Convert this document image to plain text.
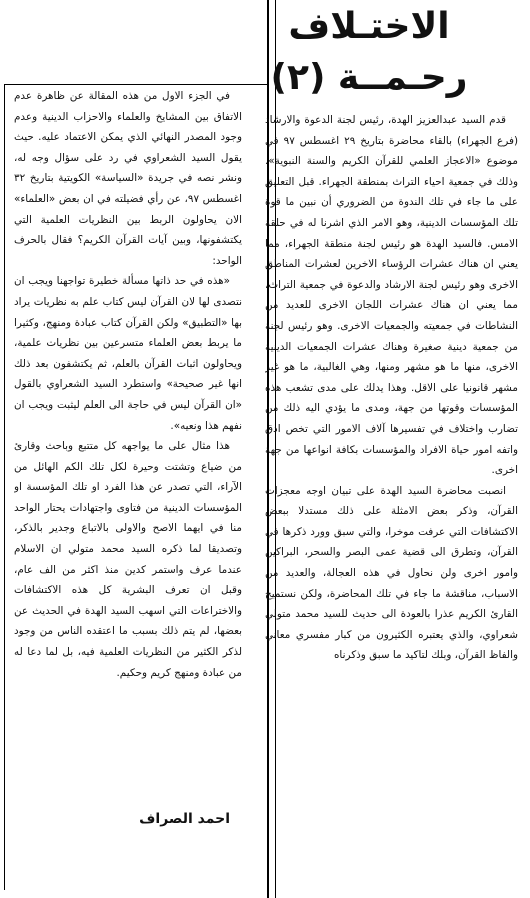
الاختـلاف
رحـمــة (٢)

قدم السيد عبدالعزيز الهدة، رئيس لجنة الدعوة والارشاد (فرع الجهراء) بالقاء محاضرة بتاريخ ٢٩ اغسطس ٩٧ في موضوع «الاعجاز العلمي للقرآن الكريم والسنة النبوية». وذلك في جمعية احياء التراث بمنطقة الجهراء. قبل التعليق على ما جاء في تلك الندوة من الضروري أن نبين ما قوة تلك المؤسسات الدينية، وهو الامر الذي اشرنا له في حلقة الامس. فالسيد الهدة هو رئيس لجنة منطقة الجهراء، مما يعني ان هناك عشرات الرؤساء الاخرين لعشرات المناطق الاخرى وهو رئيس لجنة الارشاد والدعوة في جمعية التراث، مما يعني ان هناك عشرات اللجان الاخرى للعديد من النشاطات في جمعيته والجمعيات الاخرى. وهو رئيس لجنة من جمعية دينية صغيرة وهناك عشرات الجمعيات الدينية الاخرى، منها ما هو مشهر ومنها، وهي الغالبية، ما هو غير مشهر قانونيا على الاقل. وهذا يدلك على مدى تشعب هذه المؤسسات وقوتها من جهة، ومدى ما يؤدي اليه ذلك من تضارب واختلاف في تفسيرها آلاف الامور التي تخص ادق واتفه امور حياة الافراد والمؤسسات بكافة انواعها من جهة اخرى.

انصبت محاضرة السيد الهدة على تبيان اوجه معجزات القرآن، وذكر بعض الامثلة على ذلك مستدلا ببعض الاكتشافات التي عرفت موخرا، والتي سبق وورد ذكرها في القرآن، وتطرق الى قضية عمى البصر والسحر، البراكين وامور اخرى ولن نحاول في هذه العجالة، والعديد من الاسباب، مناقشة ما جاء في تلك المحاضرة، ولكن نستميح القارئ الكريم عذرا بالعودة الى حديث للسيد محمد متولي شعراوي، والذي يعتبره الكثيرون من كبار مفسري معاني والفاظ القرآن، وبلك لتاكيد ما سبق وذكرناه

في الجزء الاول من هذه المقالة عن ظاهرة عدم الاتفاق بين المشايخ والعلماء والاحزاب الدينية وعدم وجود المصدر النهائي الذي يمكن الاعتماد عليه. حيث يقول السيد الشعراوي في رد على سؤال وجه له، ونشر نصه في جريدة «السياسة» الكويتية بتاريخ ٣٢ اغسطس ٩٧، عن رأي فضيلته في ان بعض «العلماء» الان يحاولون الربط بين النظريات العلمية التي يكتشفونها، وبين آيات القرآن الكريم؟ فقال بالحرف الواحد:

«هذه في حد ذاتها مسألة خطيرة تواجهنا ويجب ان نتصدى لها لان القرآن ليس كتاب علم به نظريات يراد بها «التطبيق» ولكن القرآن كتاب عبادة ومنهج، وكثيرا ما يربط بعض العلماء متسرعين بين نظريات علمية، ويحاولون اثبات القرآن بالعلم، ثم يكتشفون بعد ذلك انها غير صحيحة» واستطرد السيد الشعراوي بالقول «ان القرآن ليس في حاجة الى العلم ليثبت ويجب ان نفهم هذا ونعيه».

هذا مثال على ما يواجهه كل متتبع وباحث وقارئ من ضياع وتشتت وحيرة لكل تلك الكم الهائل من الآراء، التي تصدر عن هذا الفرد او تلك المؤسسة او المؤسسات الدينية من فتاوى واجتهادات يحتار الواحد منا في ايهما الاصح والاولى بالاتباع وجدير بالذكر، وتصديقا لما ذكره السيد محمد متولي ان الاسلام عندما عرف واستمر كدين منذ اكثر من الف عام، وقبل ان تعرف البشرية كل هذه الاكتشافات والاختراعات التي اسهب السيد الهدة في الحديث عن بعضها، لم يتم ذلك بسبب ما اعتقده الناس من وجود لذكر الكثير من النظريات العلمية فيه، بل لما دعا له من عبادة ومنهج كريم وحكيم.

احمد الصراف
